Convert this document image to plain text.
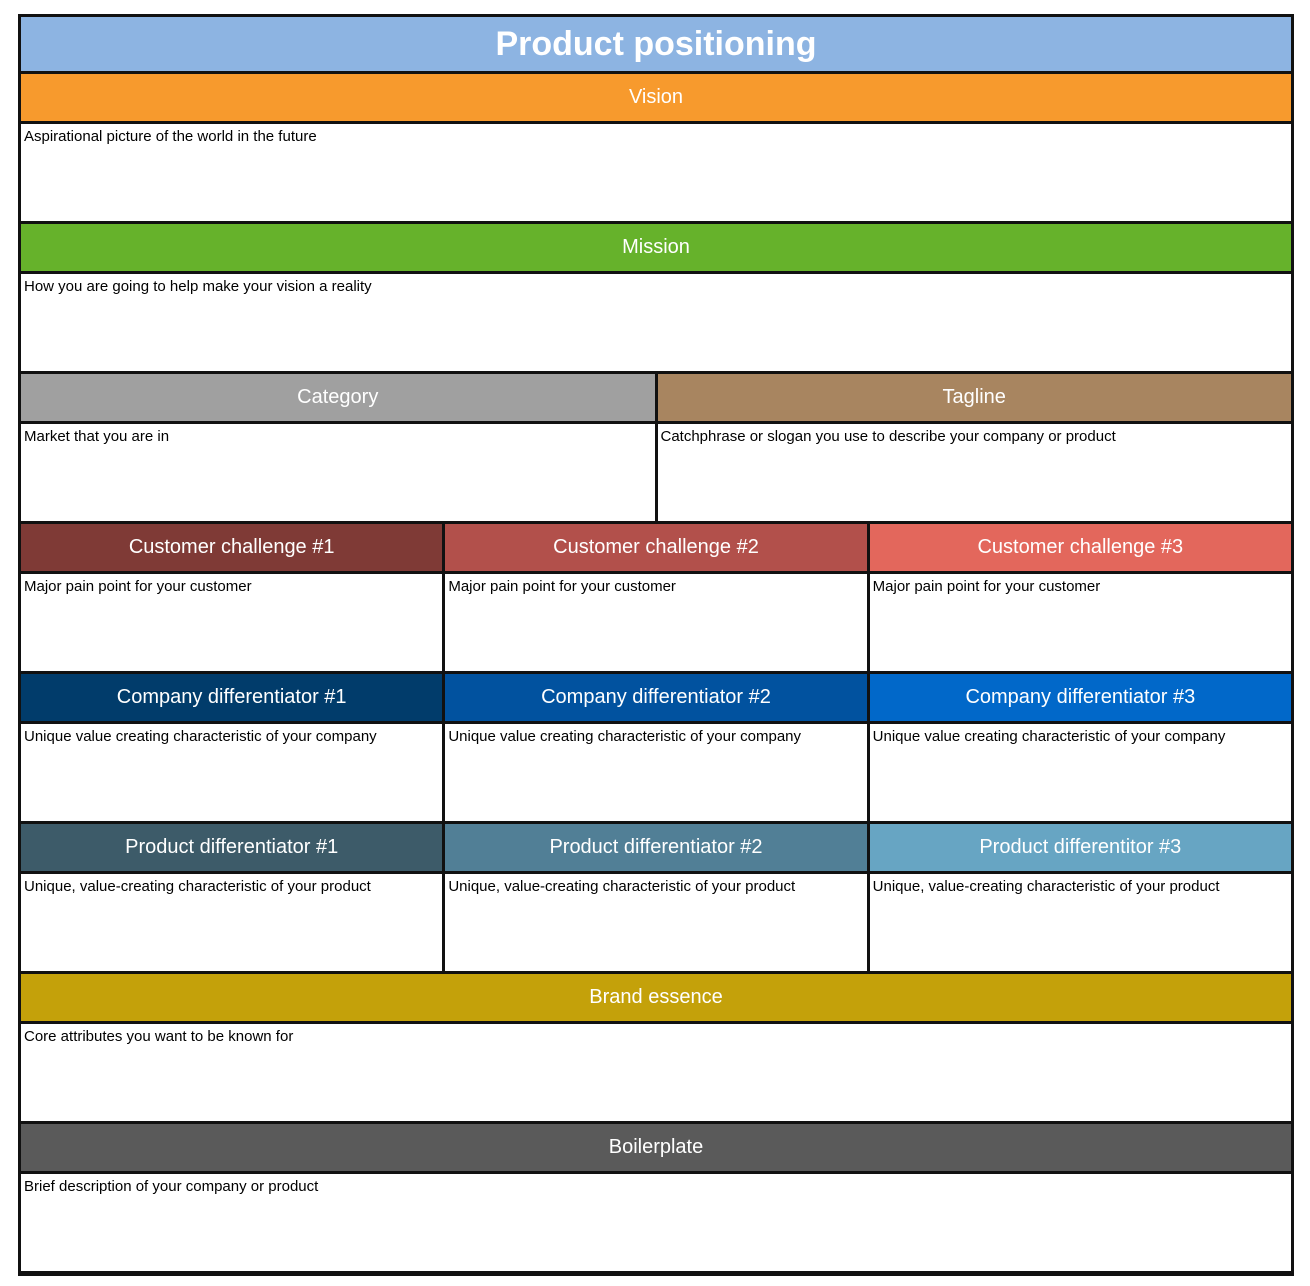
Product positioning
Vision
Aspirational picture of the world in the future
Mission
How you are going to help make your vision a reality
Category	Tagline
Market that you are in	Catchphrase or slogan you use to describe your company or product
Customer challenge #1	Customer challenge #2	Customer challenge #3
Major pain point for your customer	Major pain point for your customer	Major pain point for your customer
Company differentiator #1	Company differentiator #2	Company differentiator #3
Unique value creating characteristic of your company	Unique value creating characteristic of your company	Unique value creating characteristic of your company
Product differentiator #1	Product differentiator #2	Product differentitor #3
Unique, value-creating characteristic of your product	Unique, value-creating characteristic of your product	Unique, value-creating characteristic of your product
Brand essence
Core attributes you want to be known for
Boilerplate
Brief description of your company or product
